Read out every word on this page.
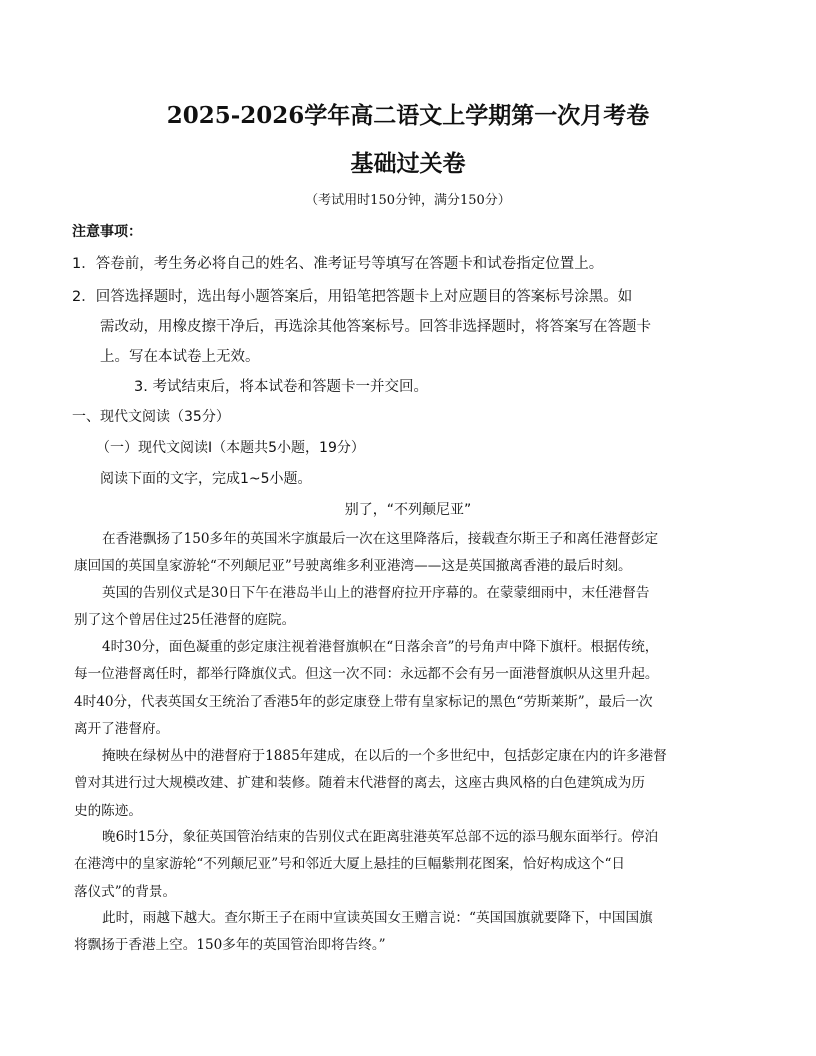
2025-2026学年高二语文上学期第一次月考卷
基础过关卷
（考试用时150分钟，满分150分）
注意事项：
1．答卷前，考生务必将自己的姓名、准考证号等填写在答题卡和试卷指定位置上。
2．回答选择题时，选出每小题答案后，用铅笔把答题卡上对应题目的答案标号涂黑。如
需改动，用橡皮擦干净后，再选涂其他答案标号。回答非选择题时，将答案写在答题卡
上。写在本试卷上无效。
3. 考试结束后，将本试卷和答题卡一并交回。
一、现代文阅读（35分）
（一）现代文阅读Ⅰ（本题共5小题，19分）
阅读下面的文字，完成1~5小题。
别了，“不列颠尼亚”
在香港飘扬了150多年的英国米字旗最后一次在这里降落后，接载查尔斯王子和离任港督彭定
康回国的英国皇家游轮“不列颠尼亚”号驶离维多利亚港湾——这是英国撤离香港的最后时刻。
英国的告别仪式是30日下午在港岛半山上的港督府拉开序幕的。在蒙蒙细雨中，末任港督告
别了这个曾居住过25任港督的庭院。
4时30分，面色凝重的彭定康注视着港督旗帜在“日落余音”的号角声中降下旗杆。根据传统，
每一位港督离任时，都举行降旗仪式。但这一次不同：永远都不会有另一面港督旗帜从这里升起。
4时40分，代表英国女王统治了香港5年的彭定康登上带有皇家标记的黑色“劳斯莱斯”，最后一次
离开了港督府。
掩映在绿树丛中的港督府于1885年建成，在以后的一个多世纪中，包括彭定康在内的许多港督
曾对其进行过大规模改建、扩建和装修。随着末代港督的离去，这座古典风格的白色建筑成为历
史的陈迹。
晚6时15分，象征英国管治结束的告别仪式在距离驻港英军总部不远的添马舰东面举行。停泊
在港湾中的皇家游轮“不列颠尼亚”号和邻近大厦上悬挂的巨幅紫荆花图案，恰好构成这个“日
落仪式”的背景。
此时，雨越下越大。查尔斯王子在雨中宣读英国女王赠言说：“英国国旗就要降下，中国国旗
将飘扬于香港上空。150多年的英国管治即将告终。”
